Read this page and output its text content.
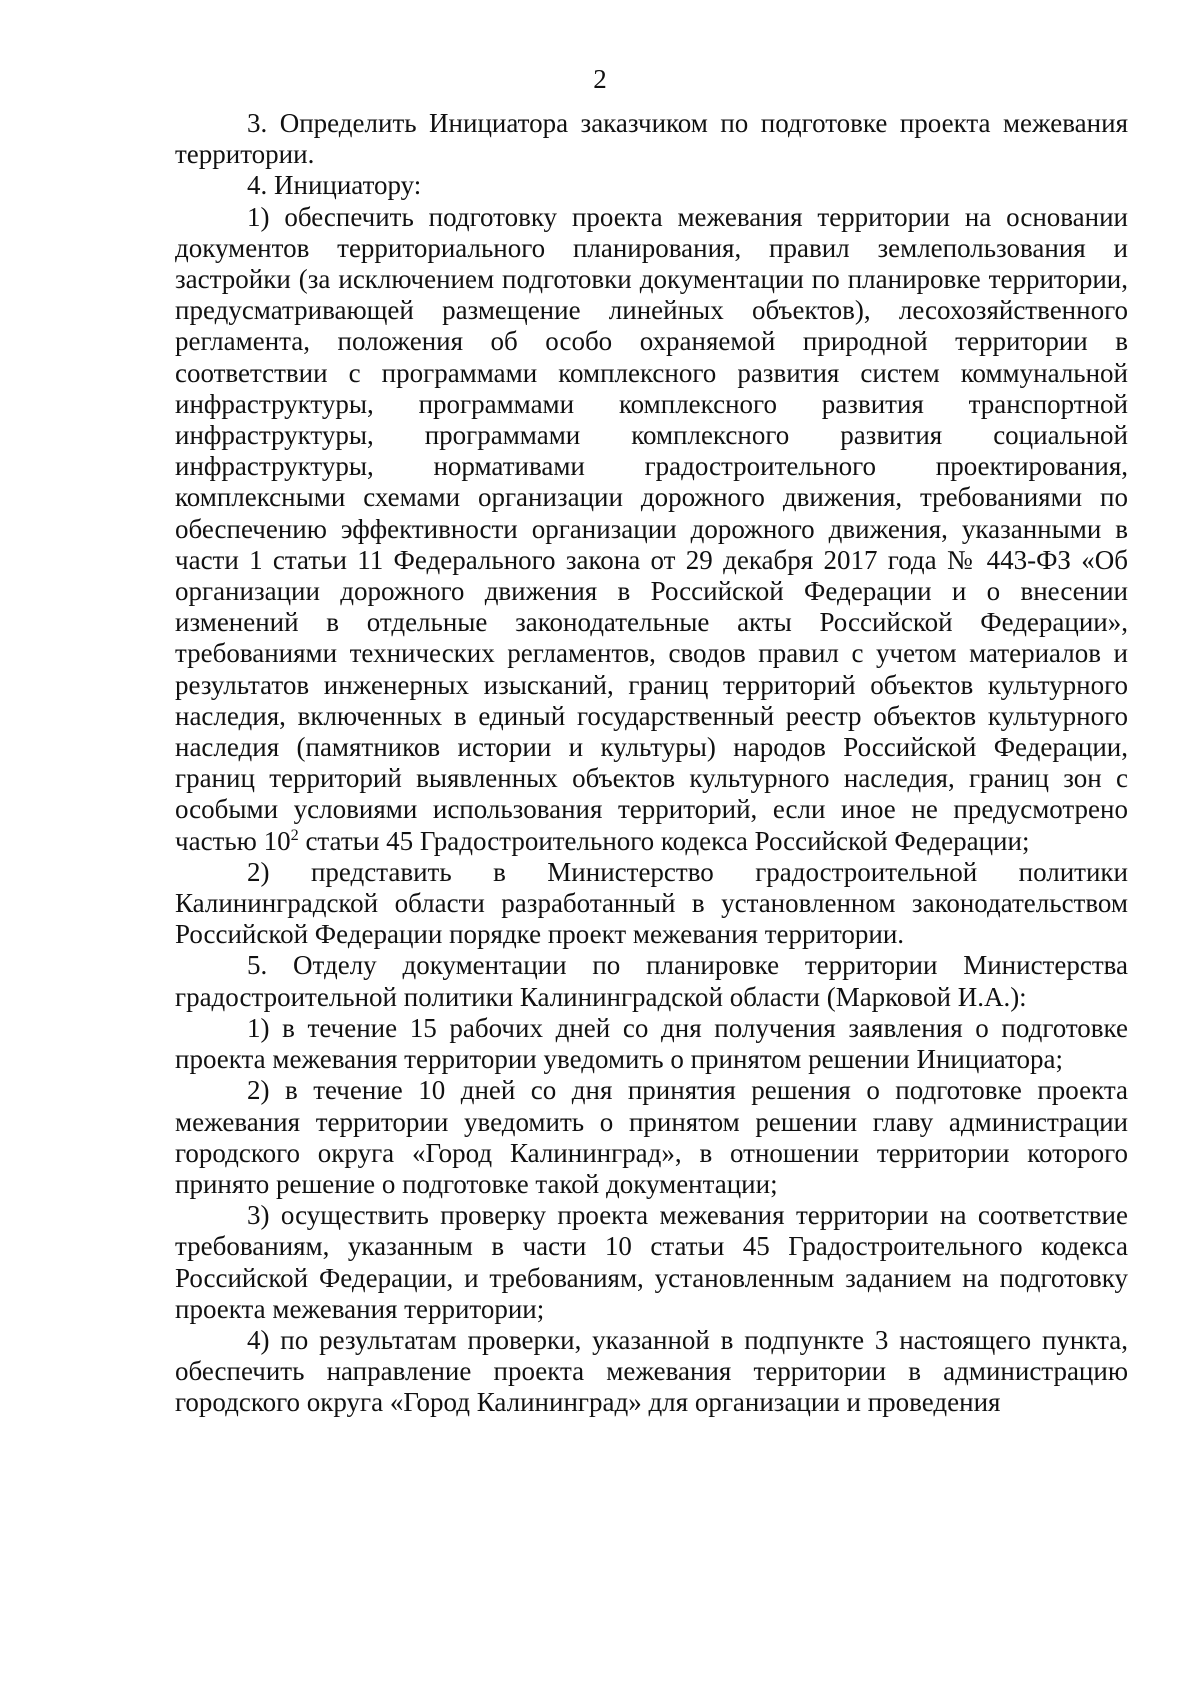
2

3. Определить Инициатора заказчиком по подготовке проекта межевания территории.

4. Инициатору:

1) обеспечить подготовку проекта межевания территории на основании документов территориального планирования, правил землепользования и застройки (за исключением подготовки документации по планировке территории, предусматривающей размещение линейных объектов), лесохозяйственного регламента, положения об особо охраняемой природной территории в соответствии с программами комплексного развития систем коммунальной инфраструктуры, программами комплексного развития транспортной инфраструктуры, программами комплексного развития социальной инфраструктуры, нормативами градостроительного проектирования, комплексными схемами организации дорожного движения, требованиями по обеспечению эффективности организации дорожного движения, указанными в части 1 статьи 11 Федерального закона от 29 декабря 2017 года № 443-ФЗ «Об организации дорожного движения в Российской Федерации и о внесении изменений в отдельные законодательные акты Российской Федерации», требованиями технических регламентов, сводов правил с учетом материалов и результатов инженерных изысканий, границ территорий объектов культурного наследия, включенных в единый государственный реестр объектов культурного наследия (памятников истории и культуры) народов Российской Федерации, границ территорий выявленных объектов культурного наследия, границ зон с особыми условиями использования территорий, если иное не предусмотрено частью $10^2$ статьи 45 Градостроительного кодекса Российской Федерации;

2) представить в Министерство градостроительной политики Калининградской области разработанный в установленном законодательством Российской Федерации порядке проект межевания территории.

5. Отделу документации по планировке территории Министерства градостроительной политики Калининградской области (Марковой И.А.):

1) в течение 15 рабочих дней со дня получения заявления о подготовке проекта межевания территории уведомить о принятом решении Инициатора;

2) в течение 10 дней со дня принятия решения о подготовке проекта межевания территории уведомить о принятом решении главу администрации городского округа «Город Калининград», в отношении территории которого принято решение о подготовке такой документации;

3) осуществить проверку проекта межевания территории на соответствие требованиям, указанным в части 10 статьи 45 Градостроительного кодекса Российской Федерации, и требованиям, установленным заданием на подготовку проекта межевания территории;

4) по результатам проверки, указанной в подпункте 3 настоящего пункта, обеспечить направление проекта межевания территории в администрацию городского округа «Город Калининград» для организации и проведения
